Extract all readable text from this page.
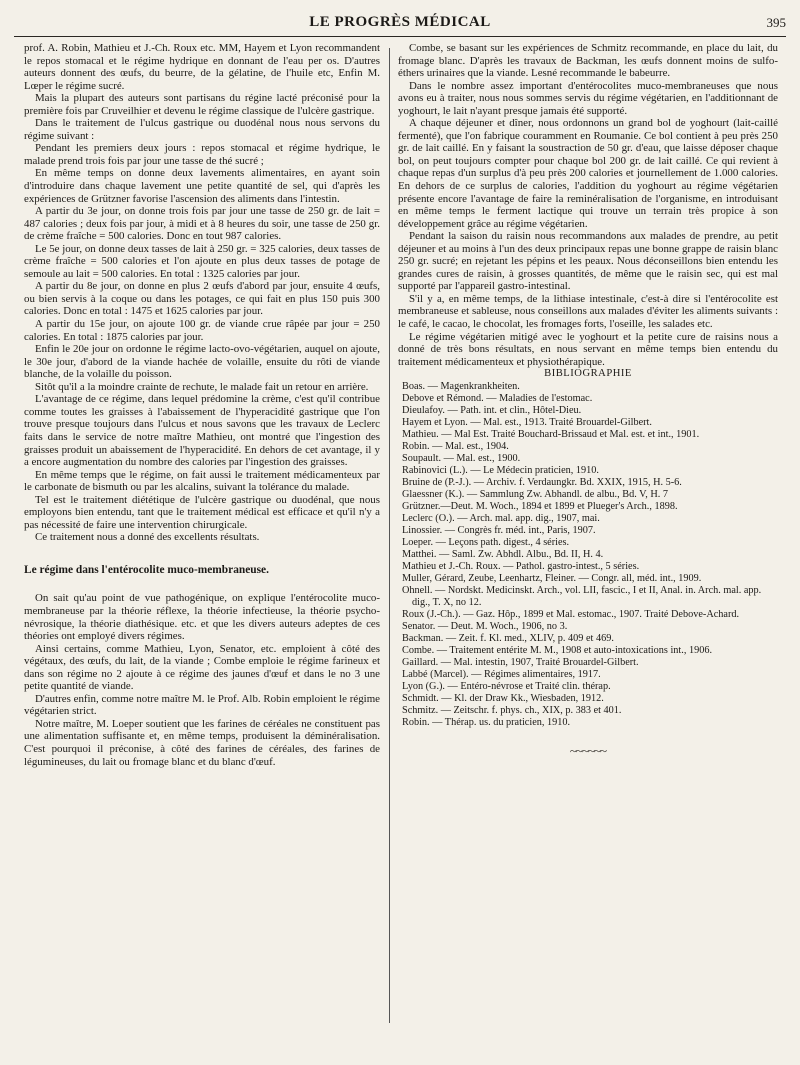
LE PROGRÈS MÉDICAL	395

prof. A. Robin, Mathieu et J.-Ch. Roux etc. MM, Hayem et Lyon recommandent le repos stomacal et le régime hydrique en donnant de l'eau per os. D'autres auteurs donnent des œufs, du beurre, de la gélatine, de l'huile etc, Enfin M. Lœper le régime sucré.

Mais la plupart des auteurs sont partisans du régine lacté préconisé pour la première fois par Cruveilhier et devenu le régime classique de l'ulcère gastrique.

Dans le traitement de l'ulcus gastrique ou duodénal nous nous servons du régime suivant :

Pendant les premiers deux jours : repos stomacal et régime hydrique, le malade prend trois fois par jour une tasse de thé sucré ;

En même temps on donne deux lavements alimentaires, en ayant soin d'introduire dans chaque lavement une petite quantité de sel, qui d'après les expériences de Grützner favorise l'ascension des aliments dans l'intestin.

A partir du 3e jour, on donne trois fois par jour une tasse de 250 gr. de lait = 487 calories ; deux fois par jour, à midi et à 8 heures du soir, une tasse de 250 gr. de crème fraîche = 500 calories. Donc en tout 987 calories.

Le 5e jour, on donne deux tasses de lait à 250 gr. = 325 calories, deux tasses de crème fraîche = 500 calories et l'on ajoute en plus deux tasses de potage de semoule au lait = 500 calories. En total : 1325 calories par jour.

A partir du 8e jour, on donne en plus 2 œufs d'abord par jour, ensuite 4 œufs, ou bien servis à la coque ou dans les potages, ce qui fait en plus 150 puis 300 calories. Donc en total : 1475 et 1625 calories par jour.

A partir du 15e jour, on ajoute 100 gr. de viande crue râpée par jour = 250 calories. En total : 1875 calories par jour.

Enfin le 20e jour on ordonne le régime lacto-ovo-végétarien, auquel on ajoute, le 30e jour, d'abord de la viande hachée de volaille, ensuite du rôti de viande blanche, de la volaille du poisson.

Sitôt qu'il a la moindre crainte de rechute, le malade fait un retour en arrière.

L'avantage de ce régime, dans lequel prédomine la crème, c'est qu'il contribue comme toutes les graisses à l'abaissement de l'hyperacidité gastrique que l'on trouve presque toujours dans l'ulcus et nous savons que les travaux de Leclerc faits dans le service de notre maître Mathieu, ont montré que l'ingestion des graisses produit un abaissement de l'hyperacidité. En dehors de cet avantage, il y a encore augmentation du nombre des calories par l'ingestion des graisses.

En même temps que le régime, on fait aussi le traitement médicamenteux par le carbonate de bismuth ou par les alcalins, suivant la tolérance du malade.

Tel est le traitement diététique de l'ulcère gastrique ou duodénal, que nous employons bien entendu, tant que le traitement médical est efficace et qu'il n'y a pas nécessité de faire une intervention chirurgicale.

Ce traitement nous a donné des excellents résultats.

Le régime dans l'entérocolite muco-membraneuse.

On sait qu'au point de vue pathogénique, on explique l'entérocolite muco-membraneuse par la théorie réflexe, la théorie infectieuse, la théorie psycho-névrosique, la théorie diathésique. etc. et que les divers auteurs adeptes de ces théories ont employé divers régimes.

Ainsi certains, comme Mathieu, Lyon, Senator, etc. emploient à côté des végétaux, des œufs, du lait, de la viande ; Combe emploie le régime farineux et dans son régime no 2 ajoute à ce régime des jaunes d'œuf et dans le no 3 une petite quantité de viande.

D'autres enfin, comme notre maître M. le Prof. Alb. Robin emploient le régime végétarien strict.

Notre maître, M. Loeper soutient que les farines de céréales ne constituent pas une alimentation suffisante et, en même temps, produisent la déminéralisation. C'est pourquoi il préconise, à côté des farines de céréales, des farines de légumineuses, du lait ou fromage blanc et du blanc d'œuf.

Combe, se basant sur les expériences de Schmitz recommande, en place du lait, du fromage blanc. D'après les travaux de Backman, les œufs donnent moins de sulfo-éthers urinaires que la viande. Lesné recommande le babeurre.

Dans le nombre assez important d'entérocolites muco-membraneuses que nous avons eu à traiter, nous nous sommes servis du régime végétarien, en l'additionnant de yoghourt, le lait n'ayant presque jamais été supporté.

A chaque déjeuner et dîner, nous ordonnons un grand bol de yoghourt (lait-caillé fermenté), que l'on fabrique couramment en Roumanie. Ce bol contient à peu près 250 gr. de lait caillé. En y faisant la soustraction de 50 gr. d'eau, que laisse déposer chaque bol, on peut toujours compter pour chaque bol 200 gr. de lait caillé. Ce qui revient à chaque repas d'un surplus d'à peu près 200 calories et journellement de 1.000 calories. En dehors de ce surplus de calories, l'addition du yoghourt au régime végétarien présente encore l'avantage de faire la reminéralisation de l'organisme, en introduisant en même temps le ferment lactique qui trouve un terrain très propice à son développement grâce au régime végétarien.

Pendant la saison du raisin nous recommandons aux malades de prendre, au petit déjeuner et au moins à l'un des deux principaux repas une bonne grappe de raisin blanc 250 gr. sucré; en rejetant les pépins et les peaux. Nous déconseillons bien entendu les grandes cures de raisin, à grosses quantités, de même que le raisin sec, qui est mal supporté par l'appareil gastro-intestinal.

S'il y a, en même temps, de la lithiase intestinale, c'est-à dire si l'entérocolite est membraneuse et sableuse, nous conseillons aux malades d'éviter les aliments suivants : le café, le cacao, le chocolat, les fromages forts, l'oseille, les salades etc.

Le régime végétarien mitigé avec le yoghourt et la petite cure de raisins nous a donné de très bons résultats, en nous servant en même temps bien entendu du traitement médicamenteux et physiothérapique.

BIBLIOGRAPHIE

Boas. — Magenkrankheiten.
Debove et Rémond. — Maladies de l'estomac.
Dieulafoy. — Path. int. et clin., Hôtel-Dieu.
Hayem et Lyon. — Mal. est., 1913. Traité Brouardel-Gilbert.
Mathieu. — Mal Est. Traité Bouchard-Brissaud et Mal. est. et int., 1901.
Robin. — Mal. est., 1904.
Soupault. — Mal. est., 1900.
Rabinovici (L.). — Le Médecin praticien, 1910.
Bruine de (P.-J.). — Archiv. f. Verdaungkr. Bd. XXIX, 1915, H. 5-6.
Glaessner (K.). — Sammlung Zw. Abhandl. de albu., Bd. V, H. 7
Grützner.—Deut. M. Woch., 1894 et 1899 et Plueger's Arch., 1898.
Leclerc (O.). — Arch. mal. app. dig., 1907, mai.
Linossier. — Congrès fr. méd. int., Paris, 1907.
Loeper. — Leçons path. digest., 4 séries.
Matthei. — Saml. Zw. Abhdl. Albu., Bd. II, H. 4.
Mathieu et J.-Ch. Roux. — Pathol. gastro-intest., 5 séries.
Muller, Gérard, Zeube, Leenhartz, Fleiner. — Congr. all, méd. int., 1909.
Ohnell. — Nordskt. Medicinskt. Arch., vol. LII, fascic., I et II, Anal. in. Arch. mal. app. dig., T. X, no 12.
Roux (J.-Ch.). — Gaz. Hôp., 1899 et Mal. estomac., 1907. Traité Debove-Achard.
Senator. — Deut. M. Woch., 1906, no 3.
Backman. — Zeit. f. Kl. med., XLIV, p. 409 et 469.
Combe. — Traitement entérite M. M., 1908 et auto-intoxications int., 1906.
Gaillard. — Mal. intestin, 1907, Traité Brouardel-Gilbert.
Labbé (Marcel). — Régimes alimentaires, 1917.
Lyon (G.). — Entéro-névrose et Traité clin. thérap.
Schmidt. — Kl. der Draw Kk., Wiesbaden, 1912.
Schmitz. — Zeitschr. f. phys. ch., XIX, p. 383 et 401.
Robin. — Thérap. us. du praticien, 1910.
~~~~~~
